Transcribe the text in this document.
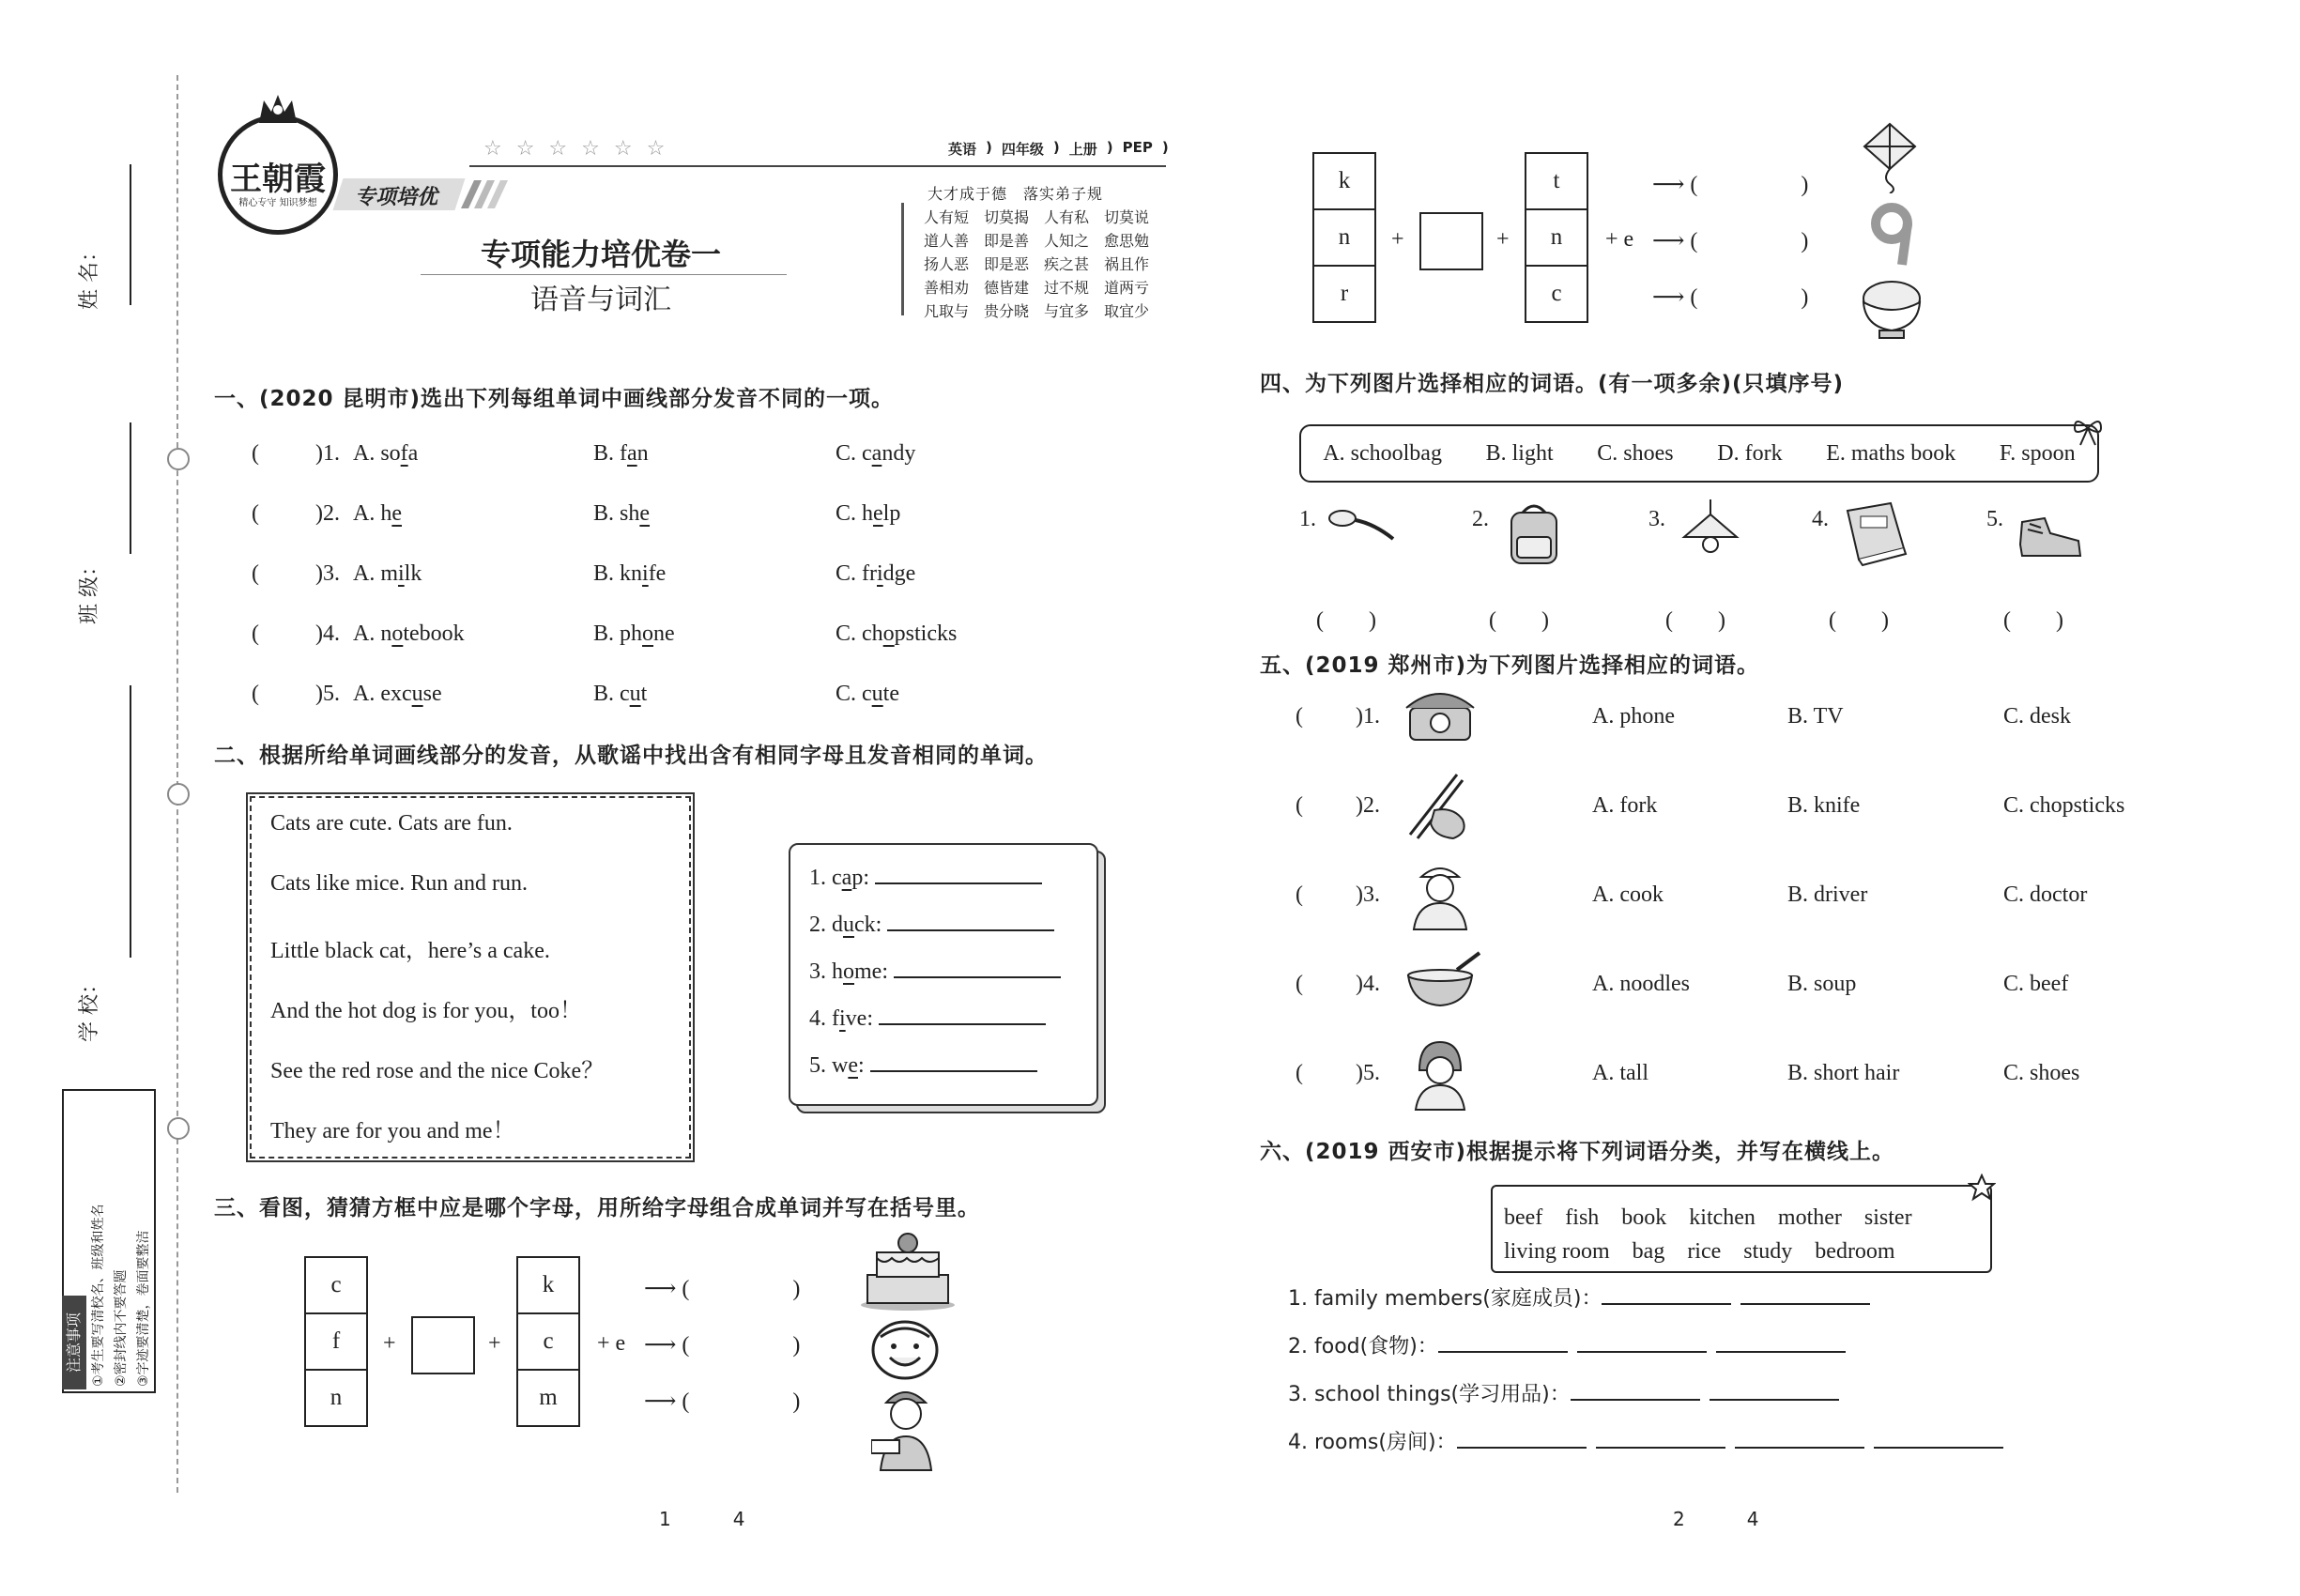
姓 名：
班 级：
学 校：
注意事项 ①考生要写清校名、班级和姓名 ②密封线内不要答题 ③字迹要清楚，卷面要整洁
王朝霞
精心专守 知识梦想	专项培优
☆ ☆ ☆ ☆ ☆ ☆	英语 ) 四年级 ) 上册 ) PEP )
专项能力培优卷一
语音与词汇
大才成于德　落实弟子规
人有短　切莫揭　人有私　切莫说
道人善　即是善　人知之　愈思勉
扬人恶　即是恶　疾之甚　祸且作
善相劝　德皆建　过不规　道两亏
凡取与　贵分晓　与宜多　取宜少
一、(2020 昆明市)选出下列每组单词中画线部分发音不同的一项。
(	)1. A. sofa	B. fan	C. candy
(	)2. A. he	B. she	C. help
(	)3. A. milk	B. knife	C. fridge
(	)4. A. notebook	B. phone	C. chopsticks
(	)5. A. excuse	B. cut	C. cute
二、根据所给单词画线部分的发音，从歌谣中找出含有相同字母且发音相同的单词。
Cats are cute. Cats are fun.
Cats like mice. Run and run.
Little black cat，here’s a cake.
And the hot dog is for you，too！
See the red rose and the nice Coke？
They are for you and me！
1. cap:
2. duck:
3. home:
4. five:
5. we:
三、看图，猜猜方框中应是哪个字母，用所给字母组合成单词并写在括号里。
c
f
n
+	+
k
c
m
+ e
⟶ (	)
⟶ (	)
⟶ (	)
k
n
r
+	+
t
n
c
+ e
⟶ (	)
⟶ (	)
⟶ (	)
四、为下列图片选择相应的词语。(有一项多余)(只填序号)
A. schoolbag B. light C. shoes D. fork E. maths book F. spoon
1.
(　　)
2.
(　　)
3.
(　　)
4.
(　　)
5.
(　　)
五、(2019 郑州市)为下列图片选择相应的词语。
( )1.	A. phone	B. TV	C. desk
( )2.	A. fork	B. knife	C. chopsticks
( )3.	A. cook	B. driver	C. doctor
( )4.	A. noodles	B. soup	C. beef
( )5.	A. tall	B. short hair	C. shoes
六、(2019 西安市)根据提示将下列词语分类，并写在横线上。
beef　fish　book　kitchen　mother　sister
living room　bag　rice　study　bedroom
1. family members(家庭成员)：
2. food(食物)：
3. school things(学习用品)：
4. rooms(房间)：
1	4	2	4
